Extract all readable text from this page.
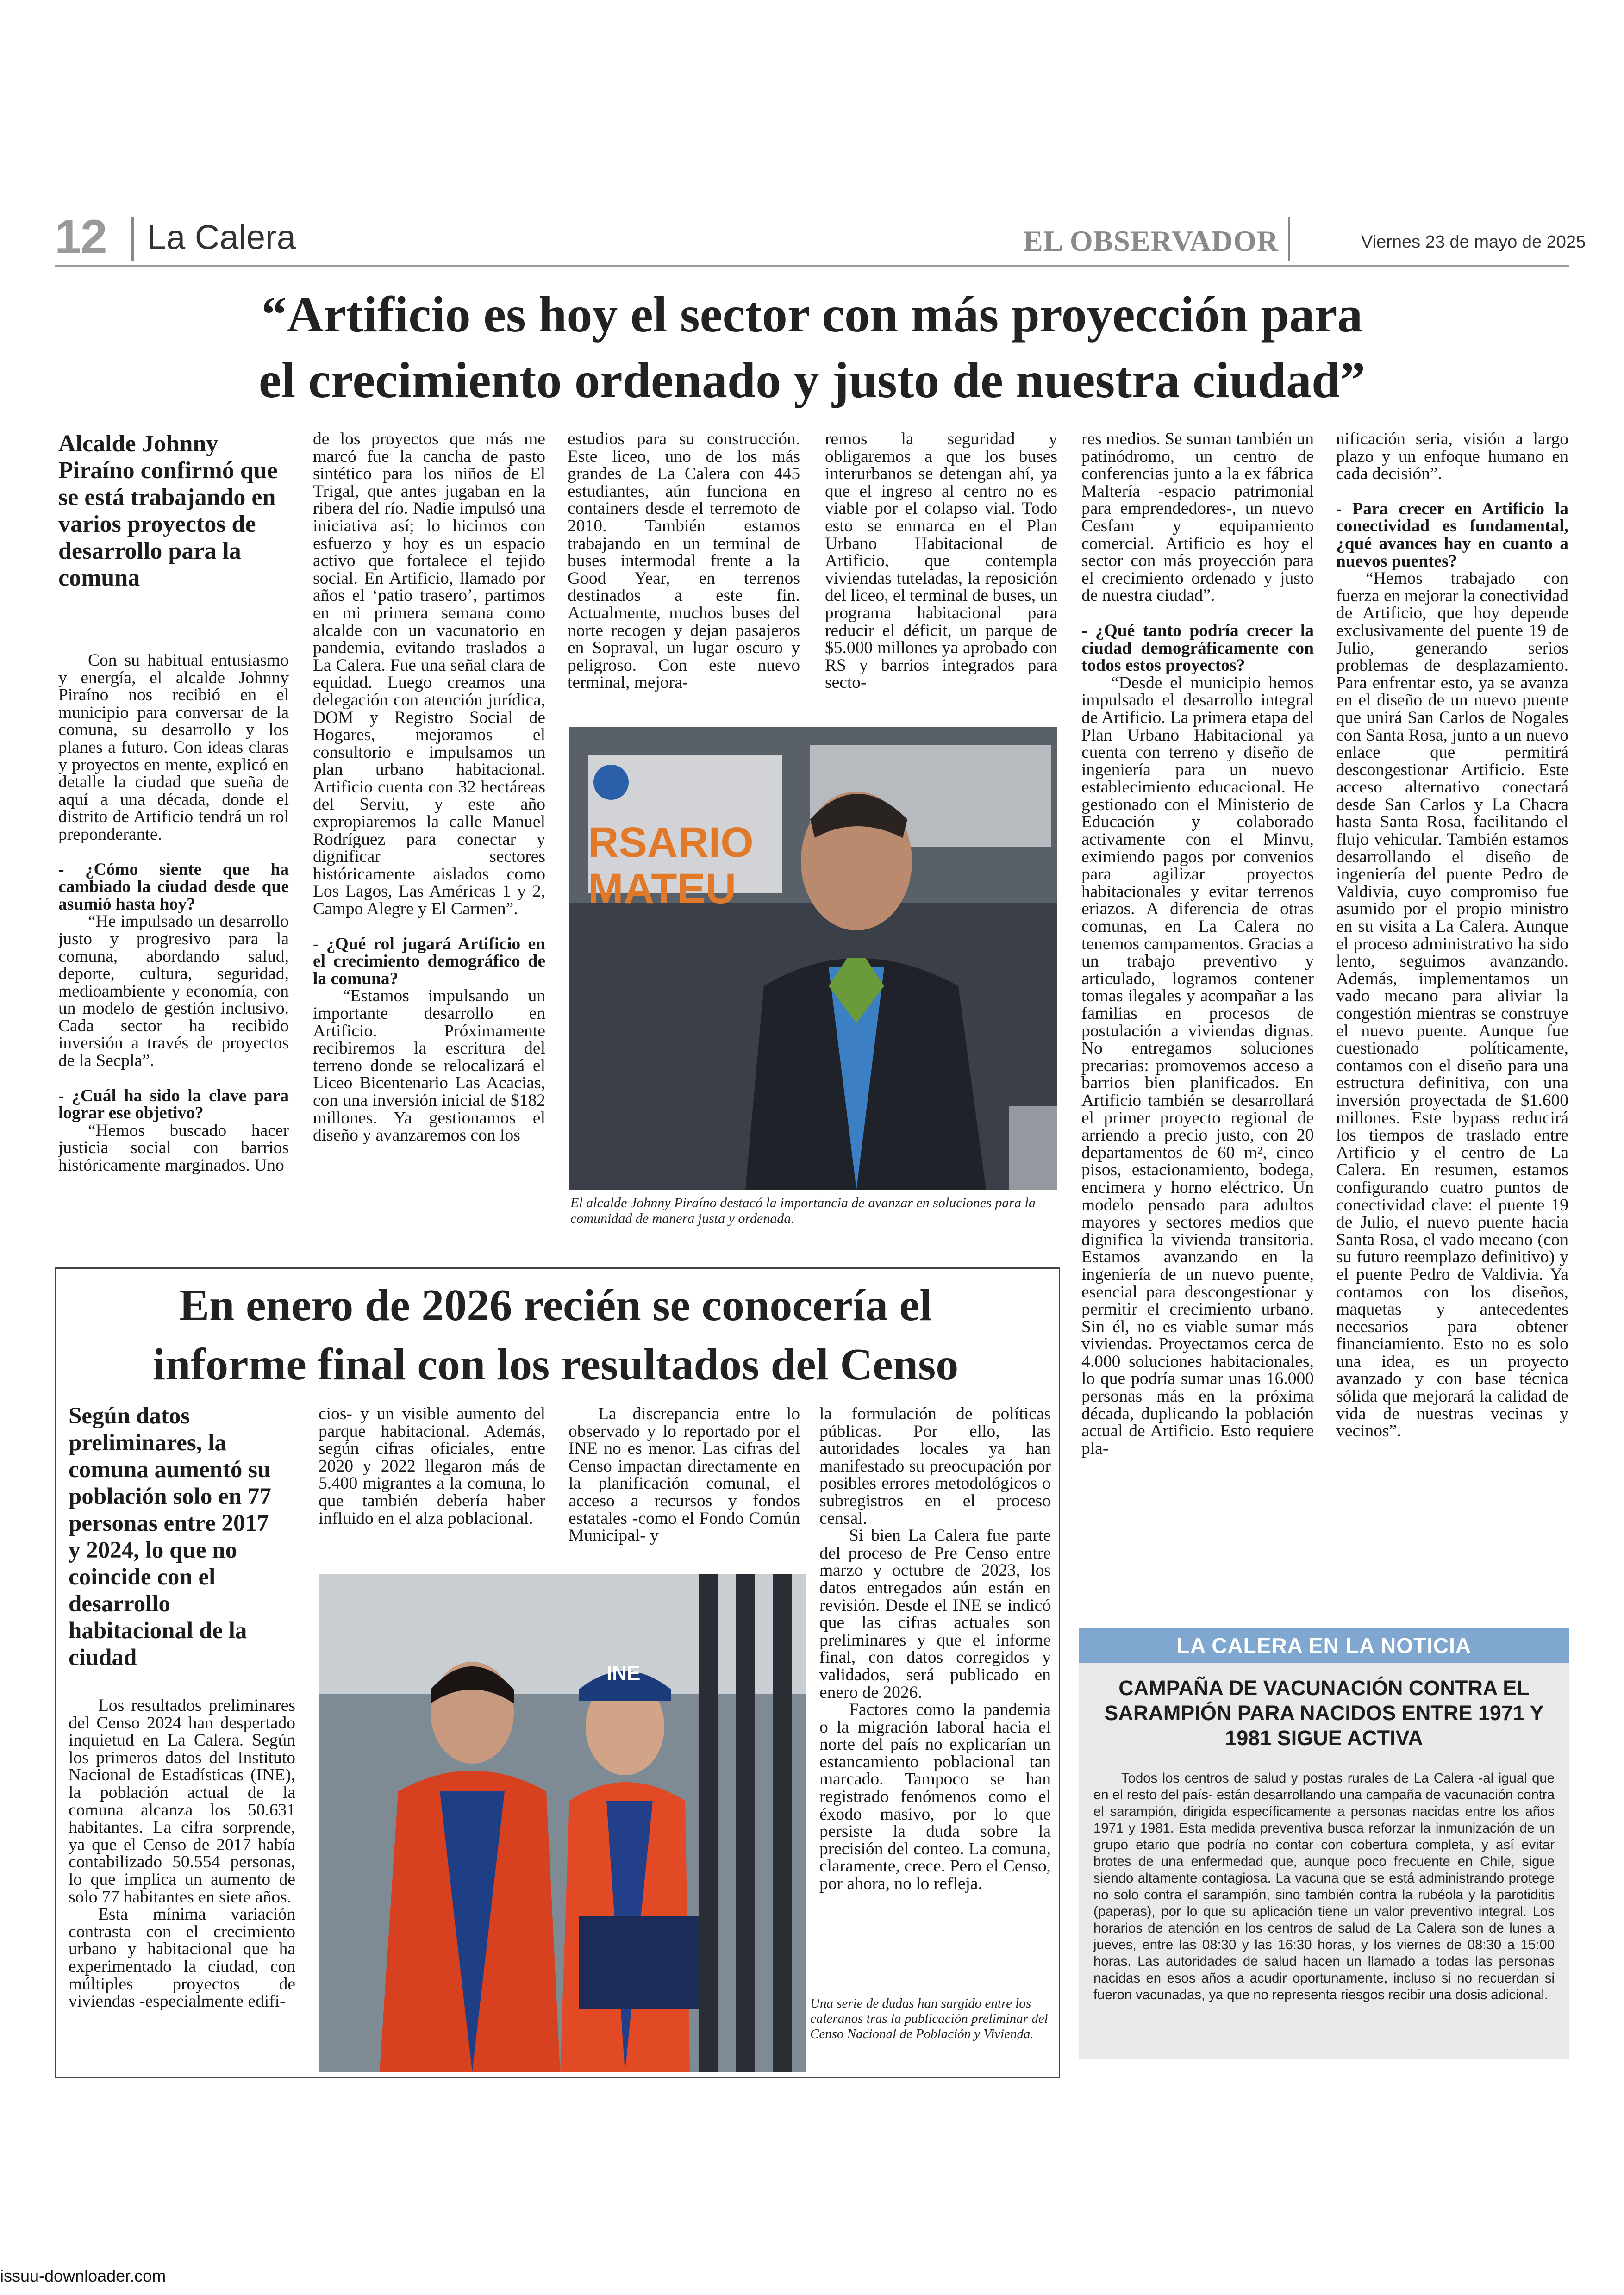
12 La Calera	EL OBSERVADOR	Viernes 23 de mayo de 2025
“Artificio es hoy el sector con más proyección para
el crecimiento ordenado y justo de nuestra ciudad”
Alcalde Johnny Piraíno confirmó que se está trabajando en varios proyectos de desarrollo para la comuna

Con su habitual entusiasmo y energía, el alcalde Johnny Piraíno nos recibió en el municipio para conversar de la comuna, su desarrollo y los planes a futuro. Con ideas claras y proyectos en mente, explicó en detalle la ciudad que sueña de aquí a una década, donde el distrito de Artificio tendrá un rol preponderante.

- ¿Cómo siente que ha cambiado la ciudad desde que asumió hasta hoy?

“He impulsado un desarrollo justo y progresivo para la comuna, abordando salud, deporte, cultura, seguridad, medioambiente y economía, con un modelo de gestión inclusivo. Cada sector ha recibido inversión a través de proyectos de la Secpla”.

- ¿Cuál ha sido la clave para lograr ese objetivo?

“Hemos buscado hacer justicia social con barrios históricamente marginados. Uno

de los proyectos que más me marcó fue la cancha de pasto sintético para los niños de El Trigal, que antes jugaban en la ribera del río. Nadie impulsó una iniciativa así; lo hicimos con esfuerzo y hoy es un espacio activo que fortalece el tejido social. En Artificio, llamado por años el ‘patio trasero’, partimos en mi primera semana como alcalde con un vacunatorio en pandemia, evitando traslados a La Calera. Fue una señal clara de equidad. Luego creamos una delegación con atención jurídica, DOM y Registro Social de Hogares, mejoramos el consultorio e impulsamos un plan urbano habitacional. Artificio cuenta con 32 hectáreas del Serviu, y este año expropiaremos la calle Manuel Rodríguez para conectar y dignificar sectores históricamente aislados como Los Lagos, Las Américas 1 y 2, Campo Alegre y El Carmen”.

- ¿Qué rol jugará Artificio en el crecimiento demográfico de la comuna?

“Estamos impulsando un importante desarrollo en Artificio. Próximamente recibiremos la escritura del terreno donde se relocalizará el Liceo Bicentenario Las Acacias, con una inversión inicial de $182 millones. Ya gestionamos el diseño y avanzaremos con los

estudios para su construcción. Este liceo, uno de los más grandes de La Calera con 445 estudiantes, aún funciona en containers desde el terremoto de 2010. También estamos trabajando en un terminal de buses intermodal frente a la Good Year, en terrenos destinados a este fin. Actualmente, muchos buses del norte recogen y dejan pasajeros en Sopraval, un lugar oscuro y peligroso. Con este nuevo terminal, mejora-

remos la seguridad y obligaremos a que los buses interurbanos se detengan ahí, ya que el ingreso al centro no es viable por el colapso vial. Todo esto se enmarca en el Plan Urbano Habitacional de Artificio, que contempla viviendas tuteladas, la reposición del liceo, el terminal de buses, un programa habitacional para reducir el déficit, un parque de $5.000 millones ya aprobado con RS y barrios integrados para secto-

res medios. Se suman también un patinódromo, un centro de conferencias junto a la ex fábrica Maltería -espacio patrimonial para emprendedores-, un nuevo Cesfam y equipamiento comercial. Artificio es hoy el sector con más proyección para el crecimiento ordenado y justo de nuestra ciudad”.

- ¿Qué tanto podría crecer la ciudad demográficamente con todos estos proyectos?

“Desde el municipio hemos impulsado el desarrollo integral de Artificio. La primera etapa del Plan Urbano Habitacional ya cuenta con terreno y diseño de ingeniería para un nuevo establecimiento educacional. He gestionado con el Ministerio de Educación y colaborado activamente con el Minvu, eximiendo pagos por convenios para agilizar proyectos habitacionales y evitar terrenos eriazos. A diferencia de otras comunas, en La Calera no tenemos campamentos. Gracias a un trabajo preventivo y articulado, logramos contener tomas ilegales y acompañar a las familias en procesos de postulación a viviendas dignas. No entregamos soluciones precarias: promovemos acceso a barrios bien planificados. En Artificio también se desarrollará el primer proyecto regional de arriendo a precio justo, con 20 departamentos de 60 m², cinco pisos, estacionamiento, bodega, encimera y horno eléctrico. Un modelo pensado para adultos mayores y sectores medios que dignifica la vivienda transitoria. Estamos avanzando en la ingeniería de un nuevo puente, esencial para descongestionar y permitir el crecimiento urbano. Sin él, no es viable sumar más viviendas. Proyectamos cerca de 4.000 soluciones habitacionales, lo que podría sumar unas 16.000 personas más en la próxima década, duplicando la población actual de Artificio. Esto requiere pla-

nificación seria, visión a largo plazo y un enfoque humano en cada decisión”.

- Para crecer en Artificio la conectividad es fundamental, ¿qué avances hay en cuanto a nuevos puentes?

“Hemos trabajado con fuerza en mejorar la conectividad de Artificio, que hoy depende exclusivamente del puente 19 de Julio, generando serios problemas de desplazamiento. Para enfrentar esto, ya se avanza en el diseño de un nuevo puente que unirá San Carlos de Nogales con Santa Rosa, junto a un nuevo enlace que permitirá descongestionar Artificio. Este acceso alternativo conectará desde San Carlos y La Chacra hasta Santa Rosa, facilitando el flujo vehicular. También estamos desarrollando el diseño de ingeniería del puente Pedro de Valdivia, cuyo compromiso fue asumido por el propio ministro en su visita a La Calera. Aunque el proceso administrativo ha sido lento, seguimos avanzando. Además, implementamos un vado mecano para aliviar la congestión mientras se construye el nuevo puente. Aunque fue cuestionado políticamente, contamos con el diseño para una estructura definitiva, con una inversión proyectada de $1.600 millones. Este bypass reducirá los tiempos de traslado entre Artificio y el centro de La Calera. En resumen, estamos configurando cuatro puntos de conectividad clave: el puente 19 de Julio, el nuevo puente hacia Santa Rosa, el vado mecano (con su futuro reemplazo definitivo) y el puente Pedro de Valdivia. Ya contamos con los diseños, maquetas y antecedentes necesarios para obtener financiamiento. Esto no es solo una idea, es un proyecto avanzado y con base técnica sólida que mejorará la calidad de vida de nuestras vecinas y vecinos”.

RSARIO MATEU
El alcalde Johnny Piraíno destacó la importancia de avanzar en soluciones para la comunidad de manera justa y ordenada.
En enero de 2026 recién se conocería el
informe final con los resultados del Censo
Según datos preliminares, la comuna aumentó su población solo en 77 personas entre 2017 y 2024, lo que no coincide con el desarrollo habitacional de la ciudad

Los resultados preliminares del Censo 2024 han despertado inquietud en La Calera. Según los primeros datos del Instituto Nacional de Estadísticas (INE), la población actual de la comuna alcanza los 50.631 habitantes. La cifra sorprende, ya que el Censo de 2017 había contabilizado 50.554 personas, lo que implica un aumento de solo 77 habitantes en siete años.

Esta mínima variación contrasta con el crecimiento urbano y habitacional que ha experimentado la ciudad, con múltiples proyectos de viviendas -especialmente edifi-

cios- y un visible aumento del parque habitacional. Además, según cifras oficiales, entre 2020 y 2022 llegaron más de 5.400 migrantes a la comuna, lo que también debería haber influido en el alza poblacional.

La discrepancia entre lo observado y lo reportado por el INE no es menor. Las cifras del Censo impactan directamente en la planificación comunal, el acceso a recursos y fondos estatales -como el Fondo Común Municipal- y

la formulación de políticas públicas. Por ello, las autoridades locales ya han manifestado su preocupación por posibles errores metodológicos o subregistros en el proceso censal.

Si bien La Calera fue parte del proceso de Pre Censo entre marzo y octubre de 2023, los datos entregados aún están en revisión. Desde el INE se indicó que las cifras actuales son preliminares y que el informe final, con datos corregidos y validados, será publicado en enero de 2026.

Factores como la pandemia o la migración laboral hacia el norte del país no explicarían un estancamiento poblacional tan marcado. Tampoco se han registrado fenómenos como el éxodo masivo, por lo que persiste la duda sobre la precisión del conteo. La comuna, claramente, crece. Pero el Censo, por ahora, no lo refleja.

INE
Una serie de dudas han surgido entre los caleranos tras la publicación preliminar del Censo Nacional de Población y Vivienda.
LA CALERA EN LA NOTICIA
CAMPAÑA DE VACUNACIÓN CONTRA EL SARAMPIÓN PARA NACIDOS ENTRE 1971 Y 1981 SIGUE ACTIVA
Todos los centros de salud y postas rurales de La Calera -al igual que en el resto del país- están desarrollando una campaña de vacunación contra el sarampión, dirigida específicamente a personas nacidas entre los años 1971 y 1981. Esta medida preventiva busca reforzar la inmunización de un grupo etario que podría no contar con cobertura completa, y así evitar brotes de una enfermedad que, aunque poco frecuente en Chile, sigue siendo altamente contagiosa. La vacuna que se está administrando protege no solo contra el sarampión, sino también contra la rubéola y la parotiditis (paperas), por lo que su aplicación tiene un valor preventivo integral. Los horarios de atención en los centros de salud de La Calera son de lunes a jueves, entre las 08:30 y las 16:30 horas, y los viernes de 08:30 a 15:00 horas. Las autoridades de salud hacen un llamado a todas las personas nacidas en esos años a acudir oportunamente, incluso si no recuerdan si fueron vacunadas, ya que no representa riesgos recibir una dosis adicional.
issuu-downloader.com
